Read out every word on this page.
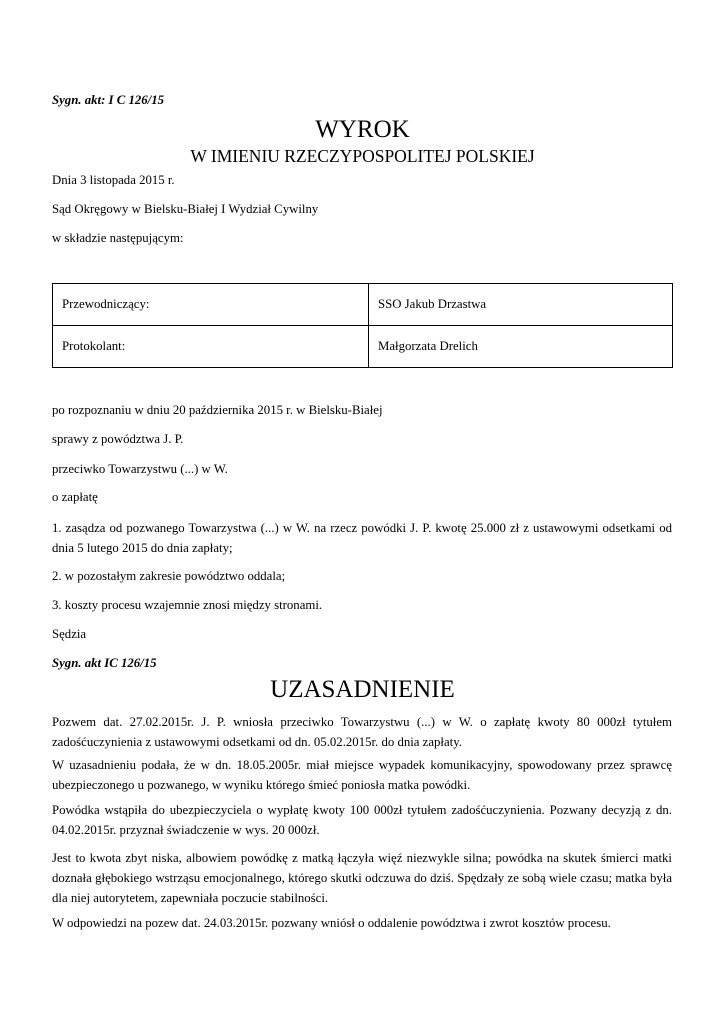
Sygn. akt: I C 126/15
WYROK
W IMIENIU RZECZYPOSPOLITEJ POLSKIEJ
Dnia 3 listopada 2015 r.
Sąd Okręgowy w Bielsku-Białej I Wydział Cywilny
w składzie następującym:
Przewodniczący:	SSO Jakub Drzastwa
Protokolant:	Małgorzata Drelich
po rozpoznaniu w dniu 20 października 2015 r. w Bielsku-Białej
sprawy z powództwa J. P.
przeciwko Towarzystwu (...) w W.
o zapłatę
1. zasądza od pozwanego Towarzystwa (...) w W. na rzecz powódki J. P. kwotę 25.000 zł z ustawowymi odsetkami od dnia 5 lutego 2015 do dnia zapłaty;
2. w pozostałym zakresie powództwo oddala;
3. koszty procesu wzajemnie znosi między stronami.
Sędzia
Sygn. akt IC 126/15
UZASADNIENIE
Pozwem dat. 27.02.2015r. J. P. wniosła przeciwko Towarzystwu (...) w W. o zapłatę kwoty 80 000zł tytułem zadośćuczynienia z ustawowymi odsetkami od dn. 05.02.2015r. do dnia zapłaty.
W uzasadnieniu podała, że w dn. 18.05.2005r. miał miejsce wypadek komunikacyjny, spowodowany przez sprawcę ubezpieczonego u pozwanego, w wyniku którego śmieć poniosła matka powódki.
Powódka wstąpiła do ubezpieczyciela o wypłatę kwoty 100 000zł tytułem zadośćuczynienia. Pozwany decyzją z dn. 04.02.2015r. przyznał świadczenie w wys. 20 000zł.
Jest to kwota zbyt niska, albowiem powódkę z matką łączyła więź niezwykle silna; powódka na skutek śmierci matki doznała głębokiego wstrząsu emocjonalnego, którego skutki odczuwa do dziś. Spędzały ze sobą wiele czasu; matka była dla niej autorytetem, zapewniała poczucie stabilności.
W odpowiedzi na pozew dat. 24.03.2015r. pozwany wniósł o oddalenie powództwa i zwrot kosztów procesu.
